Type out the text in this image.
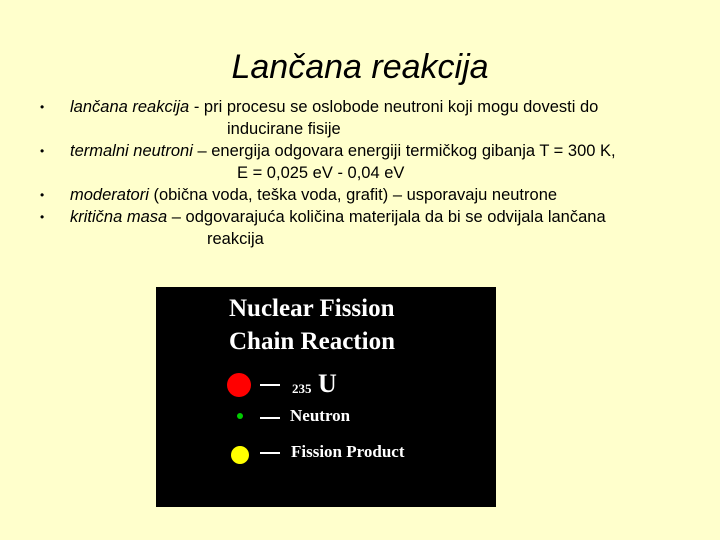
Lančana reakcija
• lančana reakcija - pri procesu se oslobode neutroni koji mogu dovesti do
inducirane fisije
• termalni neutroni – energija odgovara energiji termičkog gibanja T = 300 K,
E = 0,025 eV - 0,04 eV
• moderatori (obična voda, teška voda, grafit) – usporavaju neutrone
• kritična masa – odgovarajuća količina materijala da bi se odvijala lančana
reakcija
Nuclear Fission
Chain Reaction
235 U
Neutron
Fission Product
